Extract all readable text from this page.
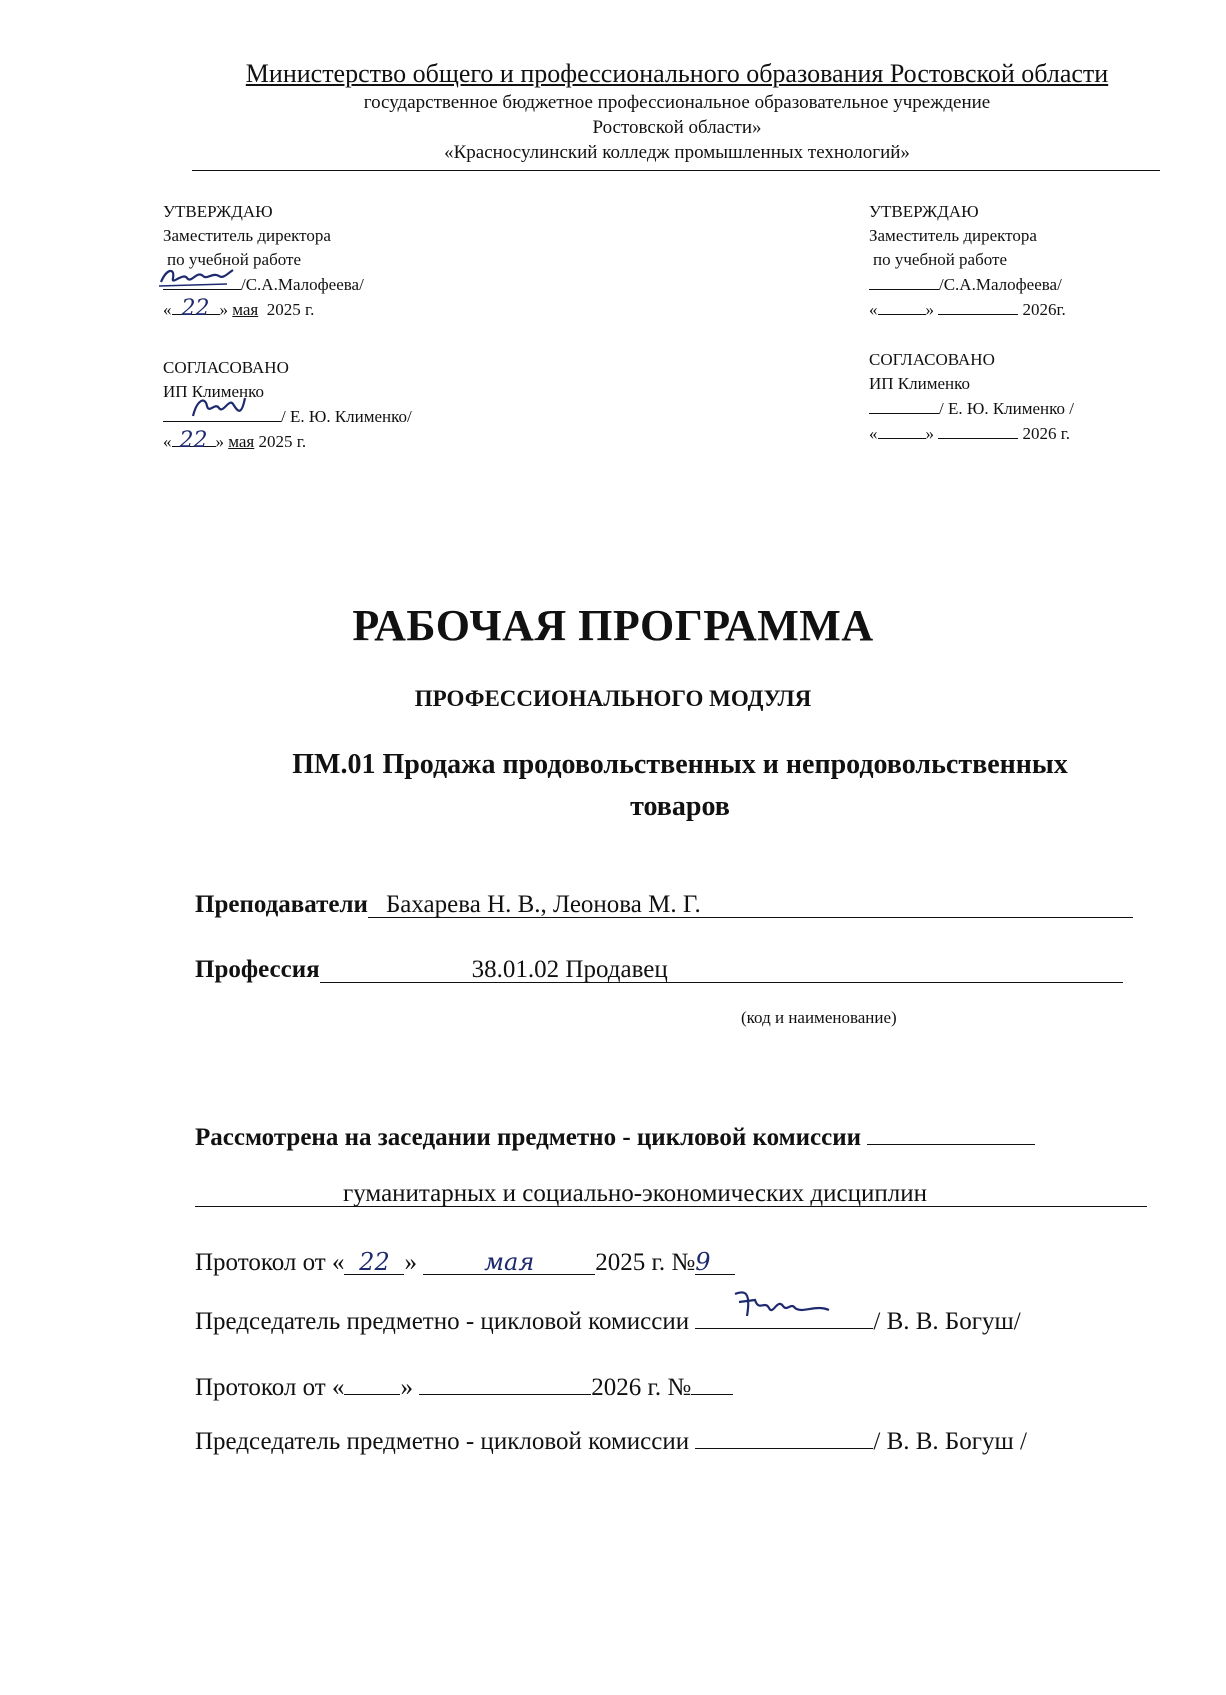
Министерство общего и профессионального образования Ростовской области
государственное бюджетное профессиональное образовательное учреждение
Ростовской области»
«Красносулинский колледж промышленных технологий»
УТВЕРЖДАЮ
Заместитель директора
по учебной работе
/С.А.Малофеева/
« 22 » мая 2025 г.
СОГЛАСОВАНО
ИП Клименко
/ Е. Ю. Клименко/
« 22 » мая 2025 г.
УТВЕРЖДАЮ
Заместитель директора
по учебной работе
/С.А.Малофеева/
«	»	2026г.
СОГЛАСОВАНО
ИП Клименко
/ Е. Ю. Клименко /
«	»	2026 г.
РАБОЧАЯ ПРОГРАММА
ПРОФЕССИОНАЛЬНОГО МОДУЛЯ
ПМ.01 Продажа продовольственных и непродовольственных
товаров
Преподаватели Бахарева Н. В., Леонова М. Г.
Профессия	38.01.02 Продавец
(код и наименование)
Рассмотрена на заседании предметно - цикловой комиссии
гуманитарных и социально-экономических дисциплин
Протокол от « 22 »	мая 2025 г. №9
Председатель предметно - цикловой комиссии	/ В. В. Богуш/
Протокол от « »	2026 г. №
Председатель предметно - цикловой комиссии	/ В. В. Богуш /
